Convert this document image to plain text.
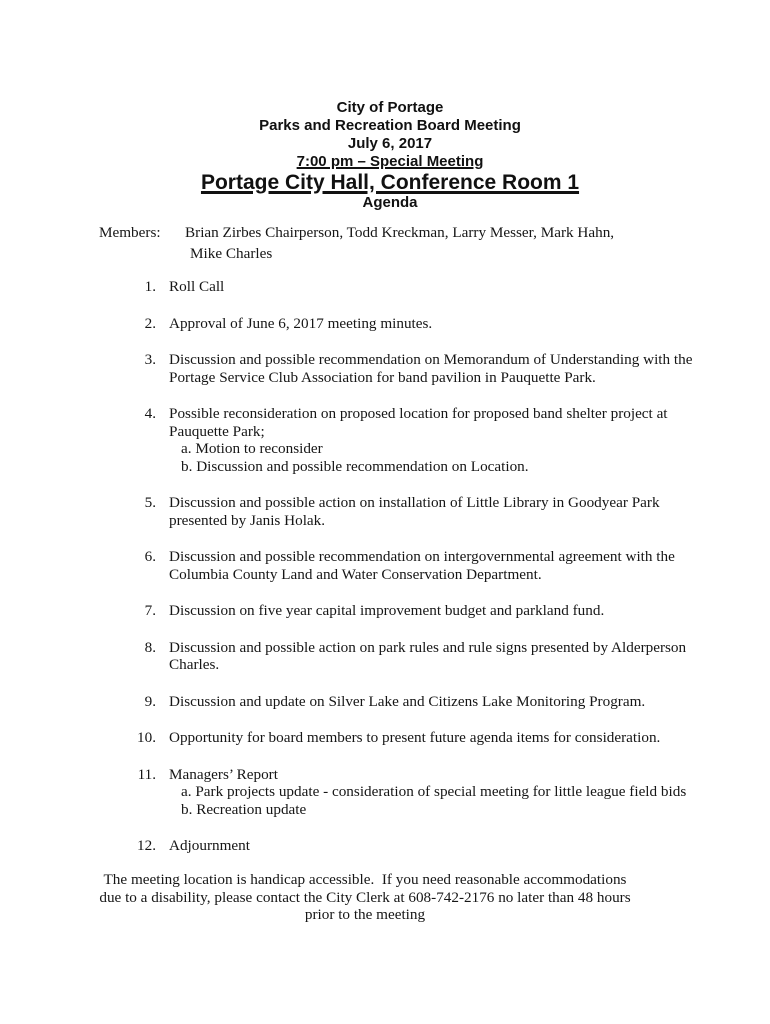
City of Portage
Parks and Recreation Board Meeting
July 6, 2017
7:00 pm – Special Meeting
Portage City Hall, Conference Room 1
Agenda
Members: Brian Zirbes Chairperson, Todd Kreckman, Larry Messer, Mark Hahn,
Mike Charles
1. Roll Call
2. Approval of June 6, 2017 meeting minutes.
3. Discussion and possible recommendation on Memorandum of Understanding with the Portage Service Club Association for band pavilion in Pauquette Park.
4. Possible reconsideration on proposed location for proposed band shelter project at Pauquette Park;
a. Motion to reconsider
b. Discussion and possible recommendation on Location.
5. Discussion and possible action on installation of Little Library in Goodyear Park presented by Janis Holak.
6. Discussion and possible recommendation on intergovernmental agreement with the Columbia County Land and Water Conservation Department.
7. Discussion on five year capital improvement budget and parkland fund.
8. Discussion and possible action on park rules and rule signs presented by Alderperson Charles.
9. Discussion and update on Silver Lake and Citizens Lake Monitoring Program.
10. Opportunity for board members to present future agenda items for consideration.
11. Managers’ Report
a. Park projects update - consideration of special meeting for little league field bids
b. Recreation update
12. Adjournment
The meeting location is handicap accessible.  If you need reasonable accommodations
due to a disability, please contact the City Clerk at 608-742-2176 no later than 48 hours
prior to the meeting
